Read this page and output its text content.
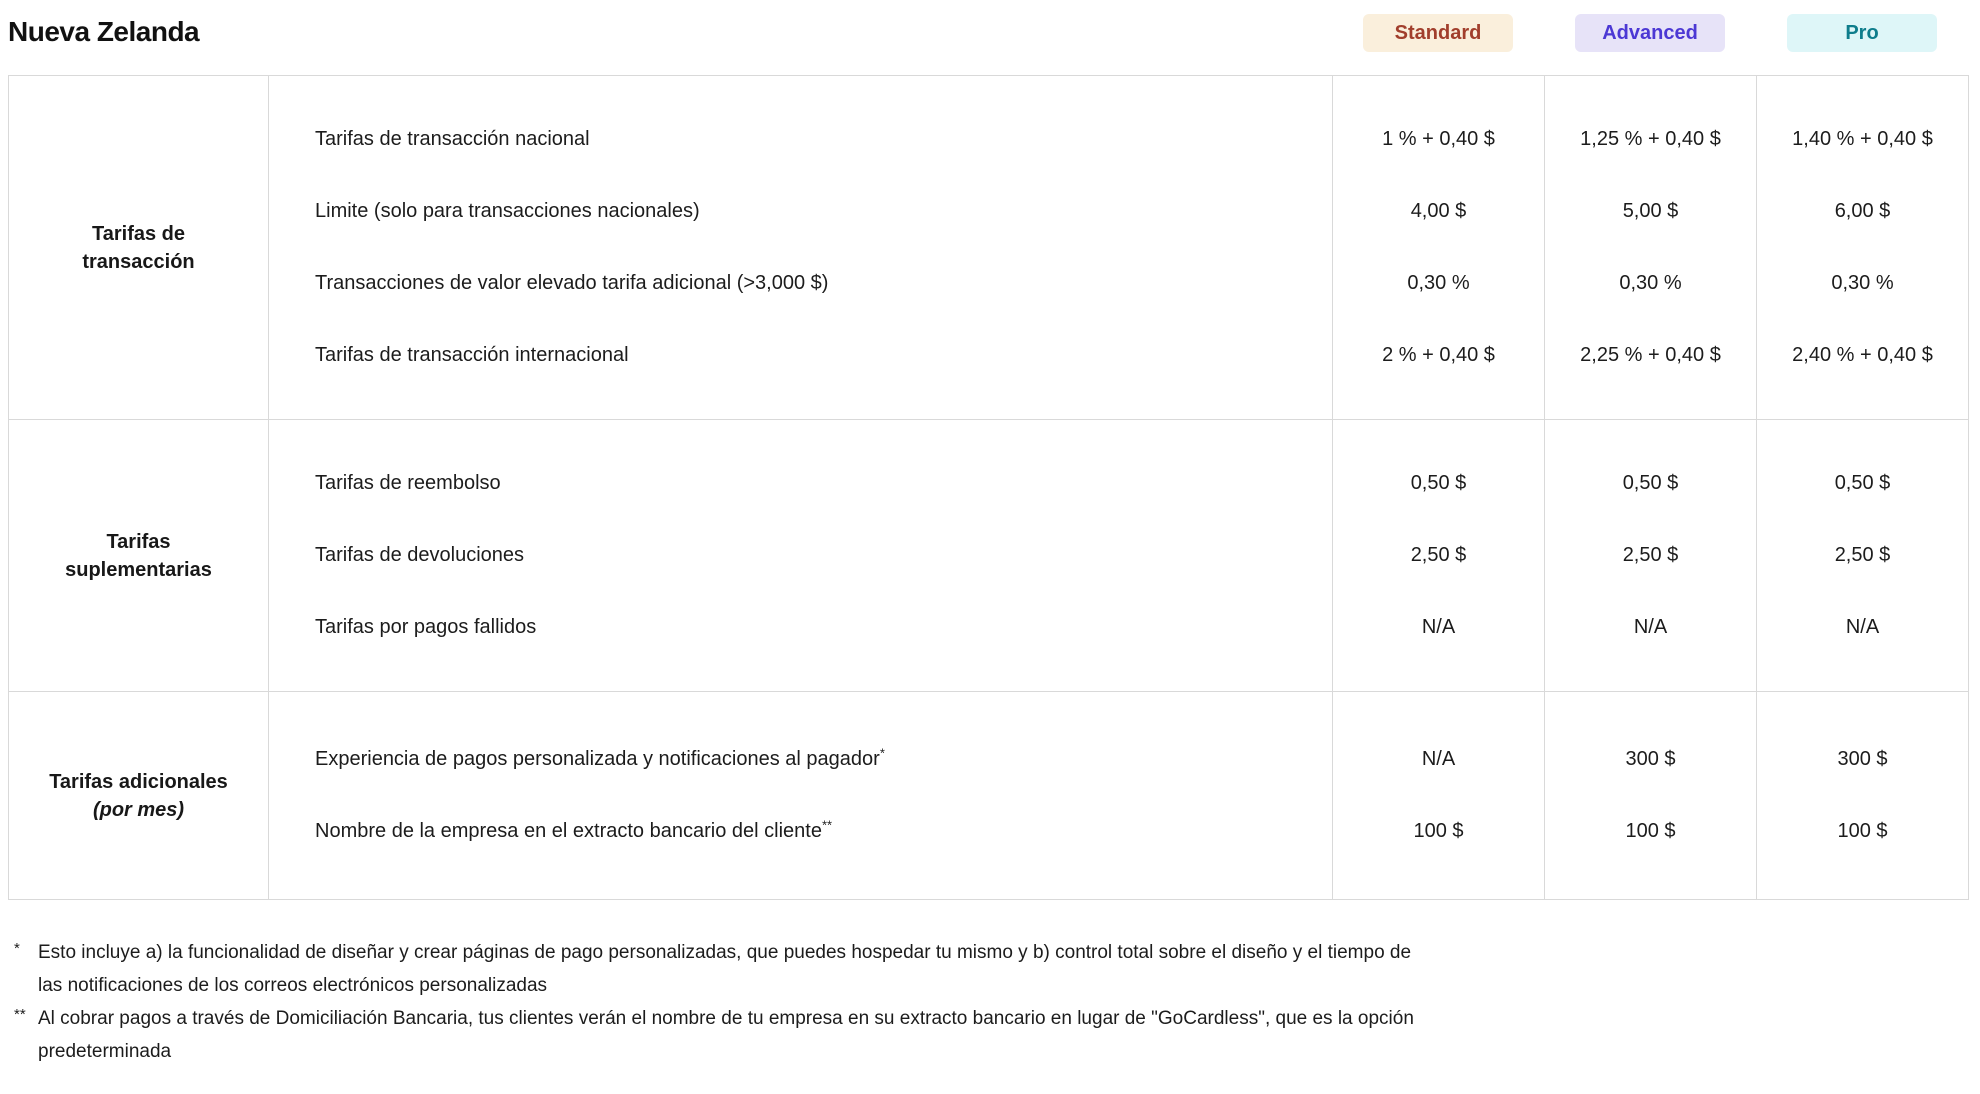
Nueva Zelanda	Standard	Advanced	Pro
Tarifas de
transacción				

	Tarifas de transacción nacional	1 % + 0,40 $	1,25 % + 0,40 $	1,40 % + 0,40 $
	Limite (solo para transacciones nacionales)	4,00 $	5,00 $	6,00 $
	Transacciones de valor elevado tarifa adicional (>3,000 $)	0,30 %	0,30 %	0,30 %
	Tarifas de transacción internacional	2 % + 0,40 $	2,25 % + 0,40 $	2,40 % + 0,40 $

Tarifas
suplementarias				

	Tarifas de reembolso	0,50 $	0,50 $	0,50 $
	Tarifas de devoluciones	2,50 $	2,50 $	2,50 $
	Tarifas por pagos fallidos	N/A	N/A	N/A

Tarifas adicionales
(por mes)				

	Experiencia de pagos personalizada y notificaciones al pagador*	N/A	300 $	300 $
	Nombre de la empresa en el extracto bancario del cliente**	100 $	100 $	100 $

* Esto incluye a) la funcionalidad de diseñar y crear páginas de pago personalizadas, que puedes hospedar tu mismo y b) control total sobre el diseño y el tiempo de
las notificaciones de los correos electrónicos personalizadas
** Al cobrar pagos a través de Domiciliación Bancaria, tus clientes verán el nombre de tu empresa en su extracto bancario en lugar de "GoCardless", que es la opción
predeterminada
